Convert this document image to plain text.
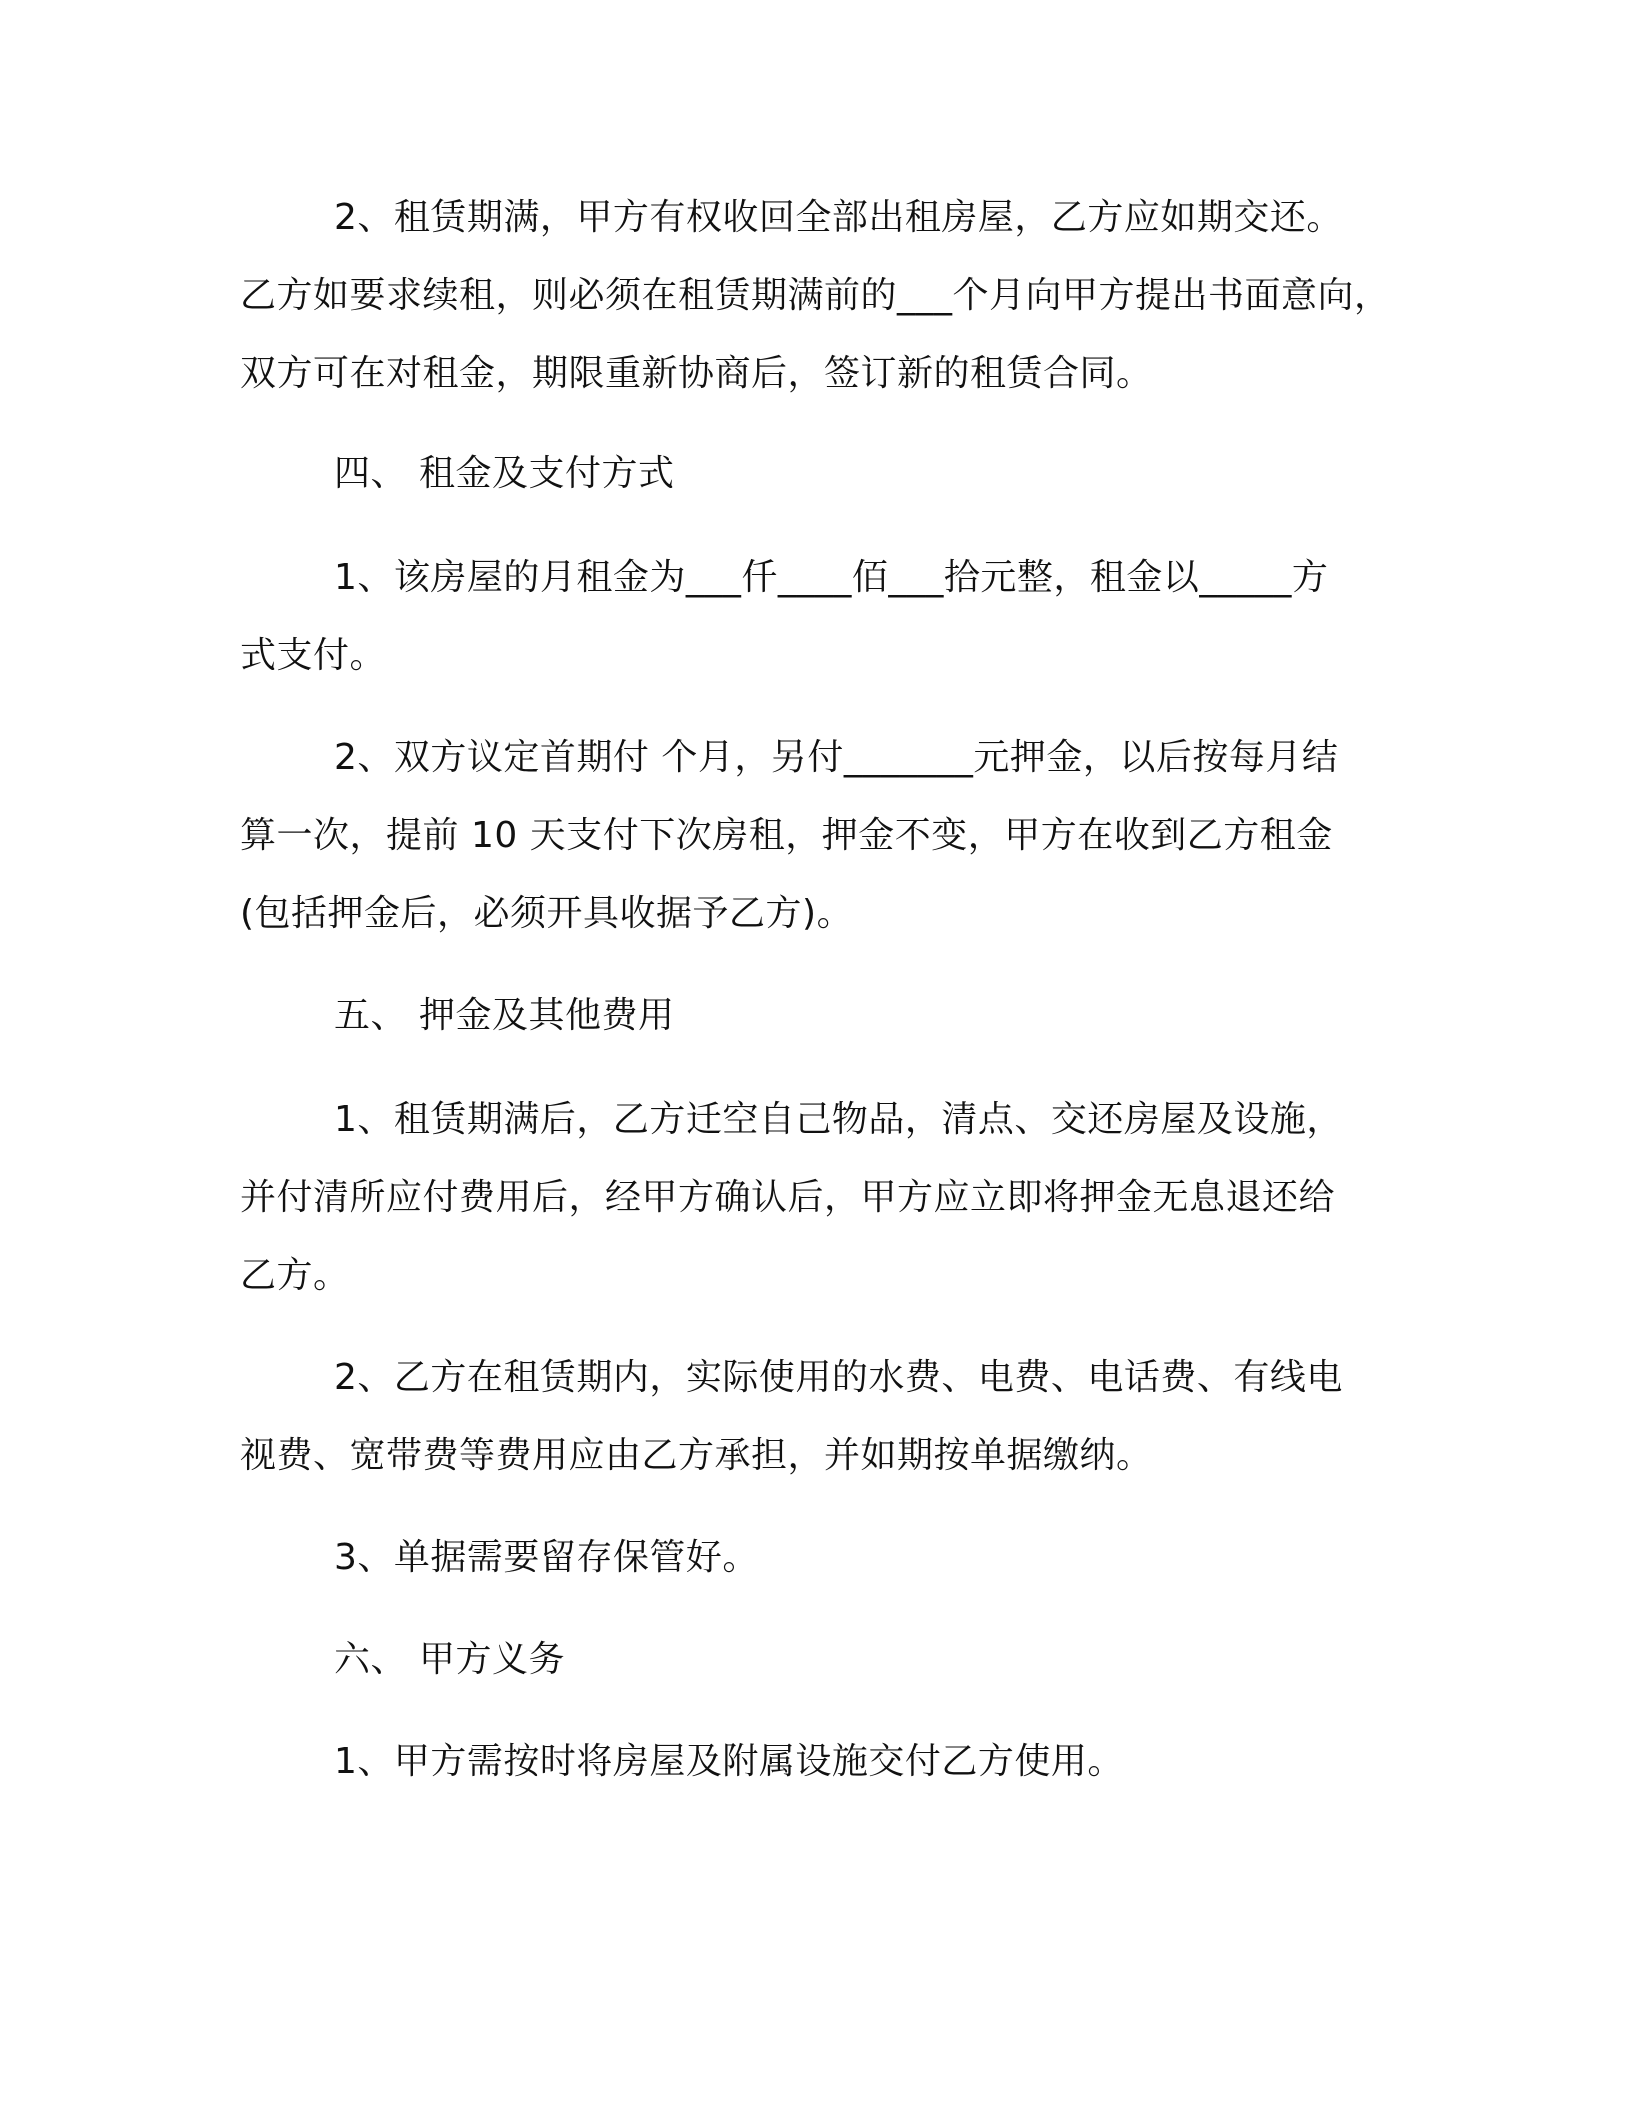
2、租赁期满，甲方有权收回全部出租房屋，乙方应如期交还。
乙方如要求续租，则必须在租赁期满前的___个月向甲方提出书面意向，
双方可在对租金，期限重新协商后，签订新的租赁合同。
四、 租金及支付方式
1、该房屋的月租金为___仟____佰___拾元整，租金以_____方
式支付。
2、双方议定首期付 个月，另付_______元押金，以后按每月结
算一次，提前 10 天支付下次房租，押金不变，甲方在收到乙方租金
(包括押金后，必须开具收据予乙方)。
五、 押金及其他费用
1、租赁期满后，乙方迁空自己物品，清点、交还房屋及设施，
并付清所应付费用后，经甲方确认后，甲方应立即将押金无息退还给
乙方。
2、乙方在租赁期内，实际使用的水费、电费、电话费、有线电
视费、宽带费等费用应由乙方承担，并如期按单据缴纳。
3、单据需要留存保管好。
六、 甲方义务
1、甲方需按时将房屋及附属设施交付乙方使用。
